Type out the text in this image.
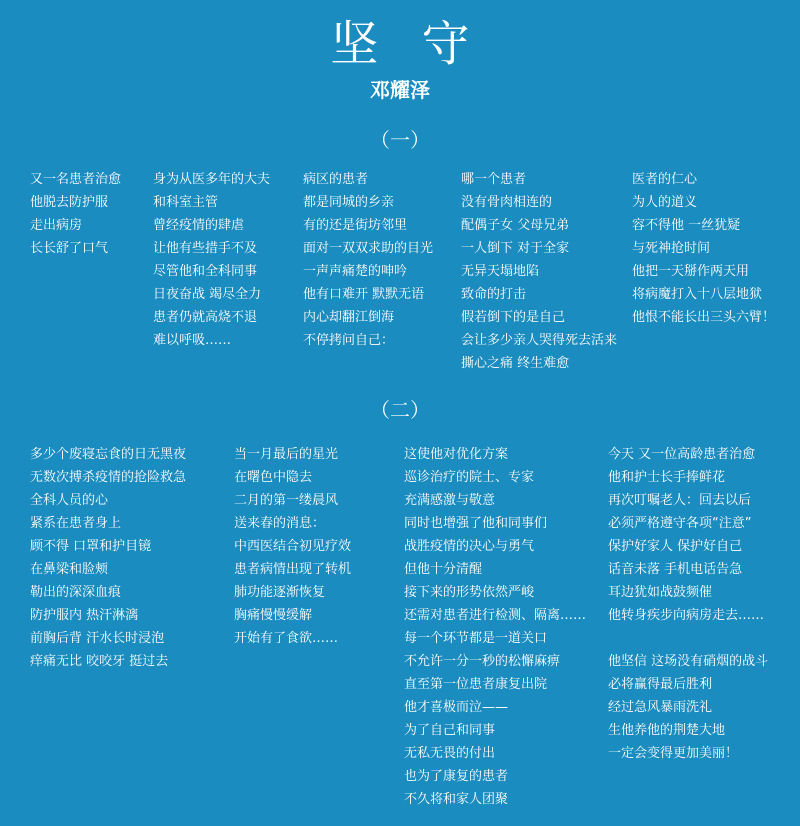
坚 守
邓耀泽
（一）
又一名患者治愈
他脱去防护服
走出病房
长长舒了口气
身为从医多年的大夫
和科室主管
曾经疫情的肆虐
让他有些措手不及
尽管他和全科同事
日夜奋战 竭尽全力
患者仍就高烧不退
难以呼吸……
病区的患者
都是同城的乡亲
有的还是街坊邻里
面对一双双求助的目光
一声声痛楚的呻吟
他有口难开 默默无语
内心却翻江倒海
不停拷问自己：
哪一个患者
没有骨肉相连的
配偶子女 父母兄弟
一人倒下 对于全家
无异天塌地陷
致命的打击
假若倒下的是自己
会让多少亲人哭得死去活来
撕心之痛 终生难愈
医者的仁心
为人的道义
容不得他 一丝犹疑
与死神抢时间
他把一天掰作两天用
将病魔打入十八层地狱
他恨不能长出三头六臂！
（二）
多少个废寝忘食的日无黑夜
无数次搏杀疫情的抢险救急
全科人员的心
紧系在患者身上
顾不得 口罩和护目镜
在鼻梁和脸颊
勒出的深深血痕
防护服内 热汗淋漓
前胸后背 汗水长时浸泡
痒痛无比 咬咬牙 挺过去
当一月最后的星光
在曙色中隐去
二月的第一缕晨风
送来春的消息：
中西医结合初见疗效
患者病情出现了转机
肺功能逐渐恢复
胸痛慢慢缓解
开始有了食欲……
这使他对优化方案
巡诊治疗的院士、专家
充满感激与敬意
同时也增强了他和同事们
战胜疫情的决心与勇气
但他十分清醒
接下来的形势依然严峻
还需对患者进行检测、隔离……
每一个环节都是一道关口
不允许一分一秒的松懈麻痹
直至第一位患者康复出院
他才喜极而泣——
为了自己和同事
无私无畏的付出
也为了康复的患者
不久将和家人团聚
今天 又一位高龄患者治愈
他和护士长手捧鲜花
再次叮嘱老人：回去以后
必须严格遵守各项“注意”
保护好家人 保护好自己
话音未落 手机电话告急
耳边犹如战鼓频催
他转身疾步向病房走去……
他坚信 这场没有硝烟的战斗
必将赢得最后胜利
经过急风暴雨洗礼
生他养他的荆楚大地
一定会变得更加美丽！
